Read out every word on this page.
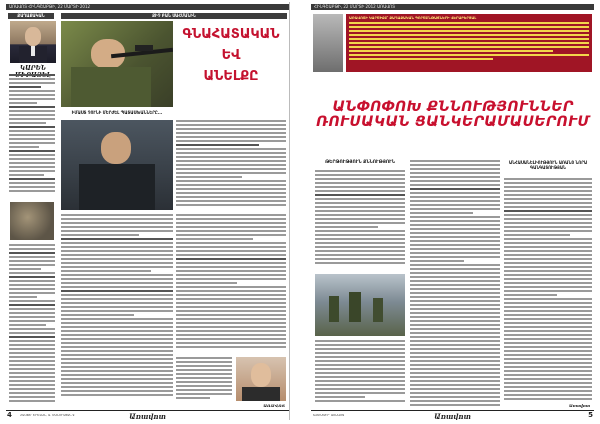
ԱՌԱՎՈՏ ՀԻՆԳՇԱԲԹԻ, 22 ՄԱՐՏԻ 2012
ՔԱՂԱՔԱԿԱՆ
ԿԱՐԵՆ
ՔԻՉ ԲԱՆ ՍԱՀՄԱՆԻՆ
ԳՆԱՀԱՏԱԿԱՆ
ԵՎ
ԱՆԵԼՔԸ
ԻՄԱՍՏ ՉՈՒՆԻ ՄԵՐԺԵԼ ՊԱՏԱՍԽԱՆՆԵՐԸ...
ԱՌԱՎՈՏ
4	ՀԱՍՑԵ՝ ԵՐԵՎԱՆ, Ա. ՄԱՆՈՒԿՅԱՆ 9	Առավոտ
ՀԻՆԳՇԱԲԹԻ, 22 ՄԱՐՏԻ 2012 ԱՌԱՎՈՏ
ԱՌԱՎՈՏԻ ԿԱՐԾԻՔԸ՝ ՔԱՂԱՔԱԿԱՆ ԳՈՐԾԸՆԹԱՑՆԵՐԻ ՎԵՐԱԲԵՐՅԱԼ
ԱՆՓՈՓՈԽ ՔՆՆՈՒԹՅՈՒՆՆԵՐ ՌՈՒՍԱԿԱՆ ՑԱՆԿԵՐԱՄԱՍԵՐՈՒՄ
ԹԵՐԹՈՒԹՅՈՒՆ ՔՆՆՈՒԹՅՈՒՆ	ԱՆՀԱՍԱՆԵԼԻՈՒԹՅՈՒՆ ԱՌԱՆՑ ՆՈՐԱ ԳԱՆԳԱՏՈՒԹՅԱՆ
Առավոտ
ԽՄԲԱԳԻՐ՝ ԱՌԱՎՈՏ	Առավոտ	5
